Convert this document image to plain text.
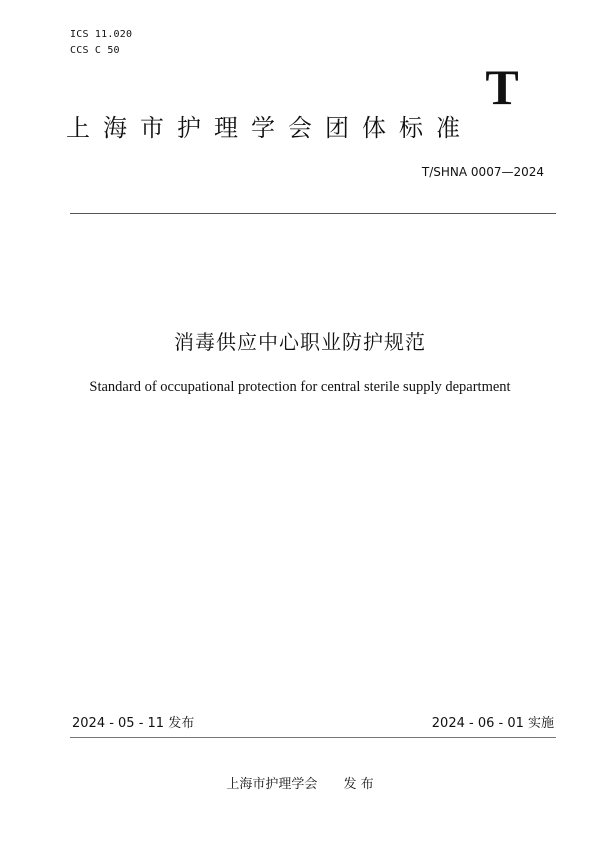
ICS 11.020
CCS C 50
T
上海市护理学会团体标准
T/SHNA 0007—2024
消毒供应中心职业防护规范
Standard of occupational protection for central sterile supply department
2024 - 05 - 11 发布	2024 - 06 - 01 实施
上海市护理学会 发 布
